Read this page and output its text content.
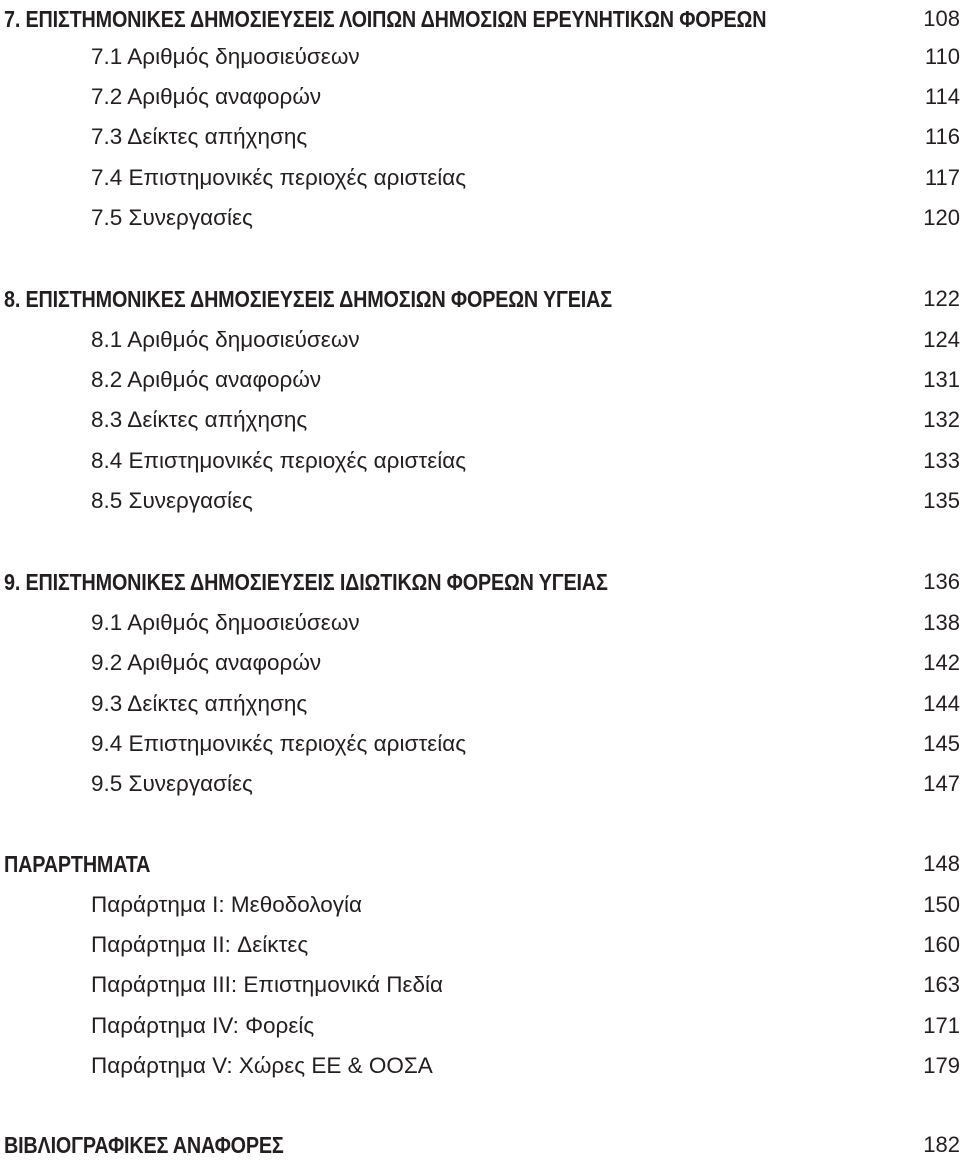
7. ΕΠΙΣΤΗΜΟΝΙΚΕΣ ΔΗΜΟΣΙΕΥΣΕΙΣ ΛΟΙΠΩΝ ΔΗΜΟΣΙΩΝ ΕΡΕΥΝΗΤΙΚΩΝ ΦΟΡΕΩΝ	108
7.1 Αριθμός δημοσιεύσεων	110
7.2 Αριθμός αναφορών	114
7.3 Δείκτες απήχησης	116
7.4 Επιστημονικές περιοχές αριστείας	117
7.5 Συνεργασίες	120
8. ΕΠΙΣΤΗΜΟΝΙΚΕΣ ΔΗΜΟΣΙΕΥΣΕΙΣ ΔΗΜΟΣΙΩΝ ΦΟΡΕΩΝ ΥΓΕΙΑΣ	122
8.1 Αριθμός δημοσιεύσεων	124
8.2 Αριθμός αναφορών	131
8.3 Δείκτες απήχησης	132
8.4 Επιστημονικές περιοχές αριστείας	133
8.5 Συνεργασίες	135
9. ΕΠΙΣΤΗΜΟΝΙΚΕΣ ΔΗΜΟΣΙΕΥΣΕΙΣ ΙΔΙΩΤΙΚΩΝ ΦΟΡΕΩΝ ΥΓΕΙΑΣ	136
9.1 Αριθμός δημοσιεύσεων	138
9.2 Αριθμός αναφορών	142
9.3 Δείκτες απήχησης	144
9.4 Επιστημονικές περιοχές αριστείας	145
9.5 Συνεργασίες	147
ΠΑΡΑΡΤΗΜΑΤΑ	148
Παράρτημα I: Μεθοδολογία	150
Παράρτημα II: Δείκτες	160
Παράρτημα III: Επιστημονικά Πεδία	163
Παράρτημα IV: Φορείς	171
Παράρτημα V: Χώρες ΕΕ & ΟΟΣΑ	179
ΒΙΒΛΙΟΓΡΑΦΙΚΕΣ ΑΝΑΦΟΡΕΣ	182
